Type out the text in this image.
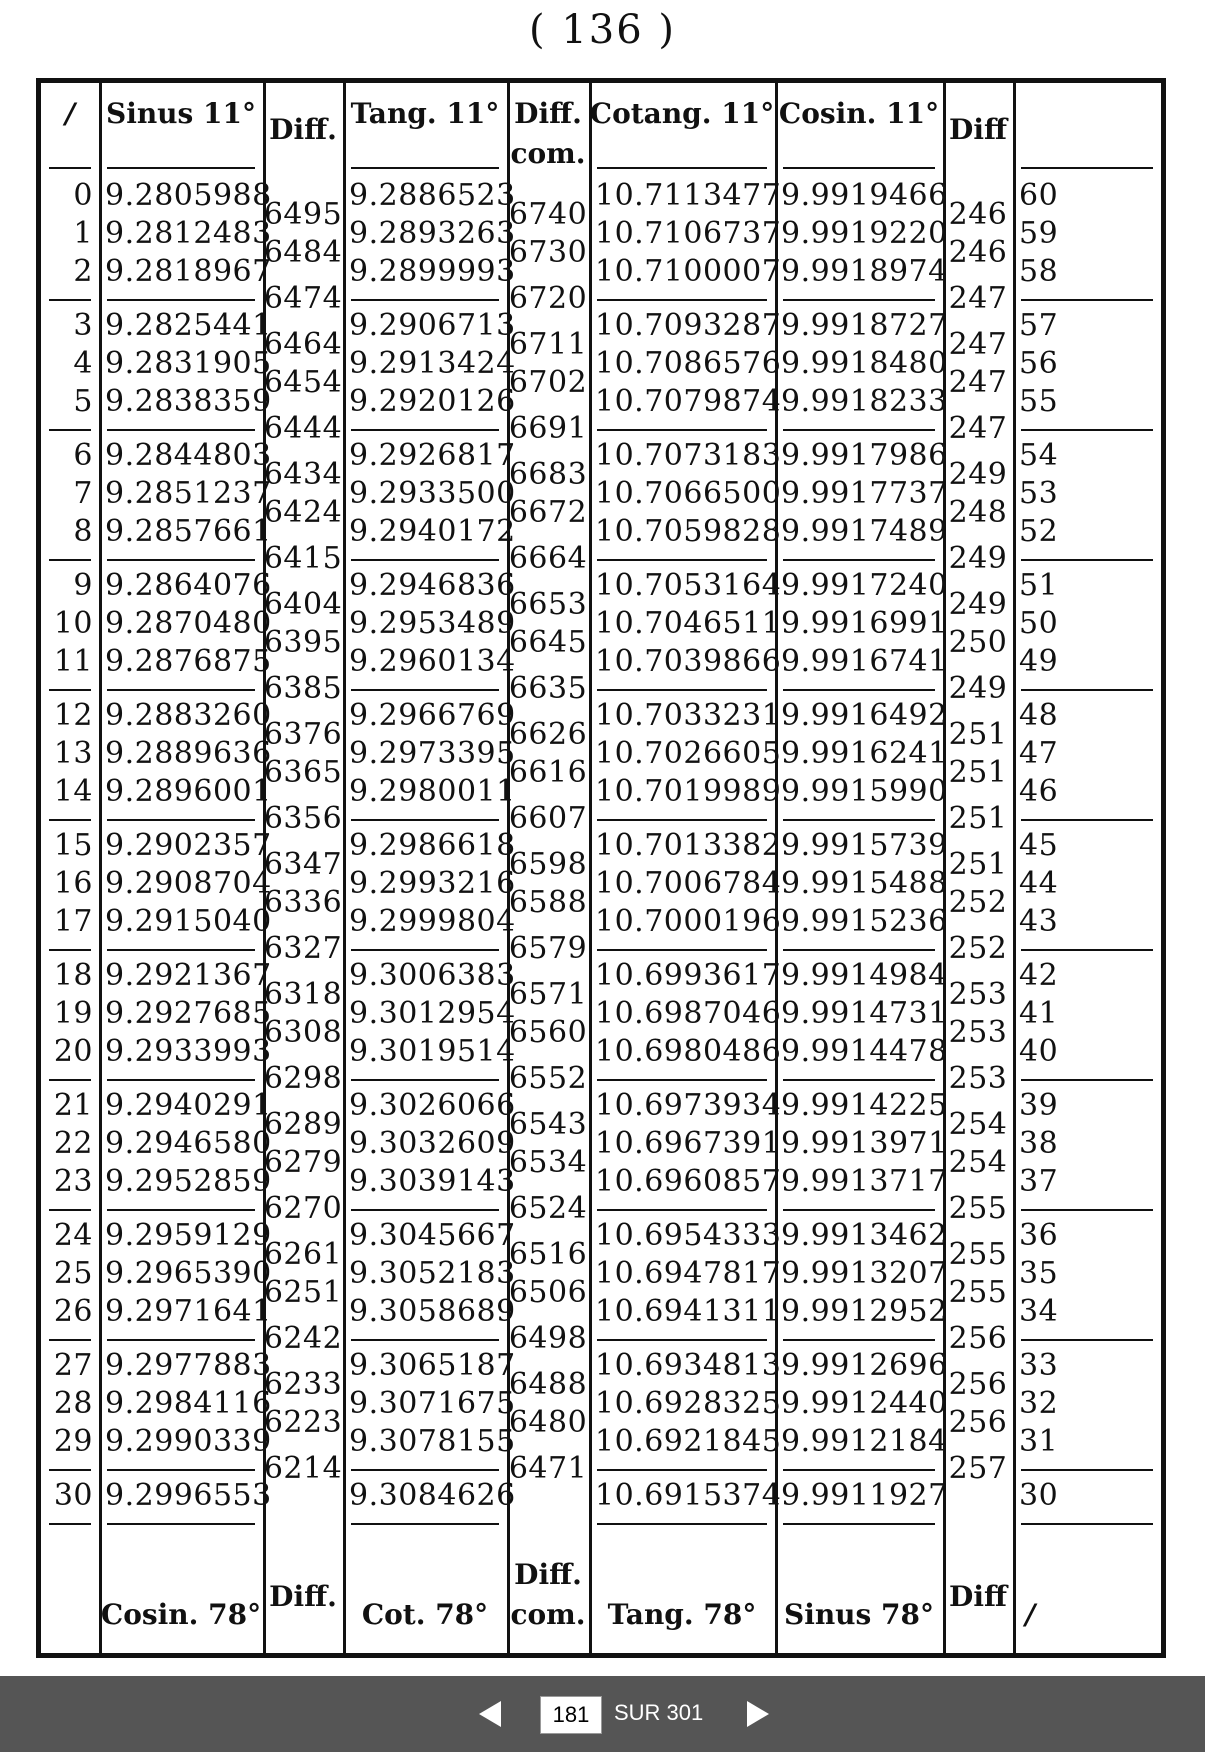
( 136 )
/
0
1
2
3
4
5
6
7
8
9
10
11
12
13
14
15
16
17
18
19
20
21
22
23
24
25
26
27
28
29
30
Sinus 11°
Cosin. 78°
9.2805988
9.2812483
9.2818967
9.2825441
9.2831905
9.2838359
9.2844803
9.2851237
9.2857661
9.2864076
9.2870480
9.2876875
9.2883260
9.2889636
9.2896001
9.2902357
9.2908704
9.2915040
9.2921367
9.2927685
9.2933993
9.2940291
9.2946580
9.2952859
9.2959129
9.2965390
9.2971641
9.2977883
9.2984116
9.2990339
9.2996553
Diff.
Diff.
6495
6484
6474
6464
6454
6444
6434
6424
6415
6404
6395
6385
6376
6365
6356
6347
6336
6327
6318
6308
6298
6289
6279
6270
6261
6251
6242
6233
6223
6214
Tang. 11°
Cot. 78°
9.2886523
9.2893263
9.2899993
9.2906713
9.2913424
9.2920126
9.2926817
9.2933500
9.2940172
9.2946836
9.2953489
9.2960134
9.2966769
9.2973395
9.2980011
9.2986618
9.2993216
9.2999804
9.3006383
9.3012954
9.3019514
9.3026066
9.3032609
9.3039143
9.3045667
9.3052183
9.3058689
9.3065187
9.3071675
9.3078155
9.3084626
Diff.
com.
Diff.
com.
6740
6730
6720
6711
6702
6691
6683
6672
6664
6653
6645
6635
6626
6616
6607
6598
6588
6579
6571
6560
6552
6543
6534
6524
6516
6506
6498
6488
6480
6471
Cotang. 11°
Tang. 78°
10.7113477
10.7106737
10.7100007
10.7093287
10.7086576
10.7079874
10.7073183
10.7066500
10.7059828
10.7053164
10.7046511
10.7039866
10.7033231
10.7026605
10.7019989
10.7013382
10.7006784
10.7000196
10.6993617
10.6987046
10.6980486
10.6973934
10.6967391
10.6960857
10.6954333
10.6947817
10.6941311
10.6934813
10.6928325
10.6921845
10.6915374
Cosin. 11°
Sinus 78°
9.9919466
9.9919220
9.9918974
9.9918727
9.9918480
9.9918233
9.9917986
9.9917737
9.9917489
9.9917240
9.9916991
9.9916741
9.9916492
9.9916241
9.9915990
9.9915739
9.9915488
9.9915236
9.9914984
9.9914731
9.9914478
9.9914225
9.9913971
9.9913717
9.9913462
9.9913207
9.9912952
9.9912696
9.9912440
9.9912184
9.9911927
Diff
Diff
246
246
247
247
247
247
249
248
249
249
250
249
251
251
251
251
252
252
253
253
253
254
254
255
255
255
256
256
256
257
/
60
59
58
57
56
55
54
53
52
51
50
49
48
47
46
45
44
43
42
41
40
39
38
37
36
35
34
33
32
31
30
181
SUR 301
